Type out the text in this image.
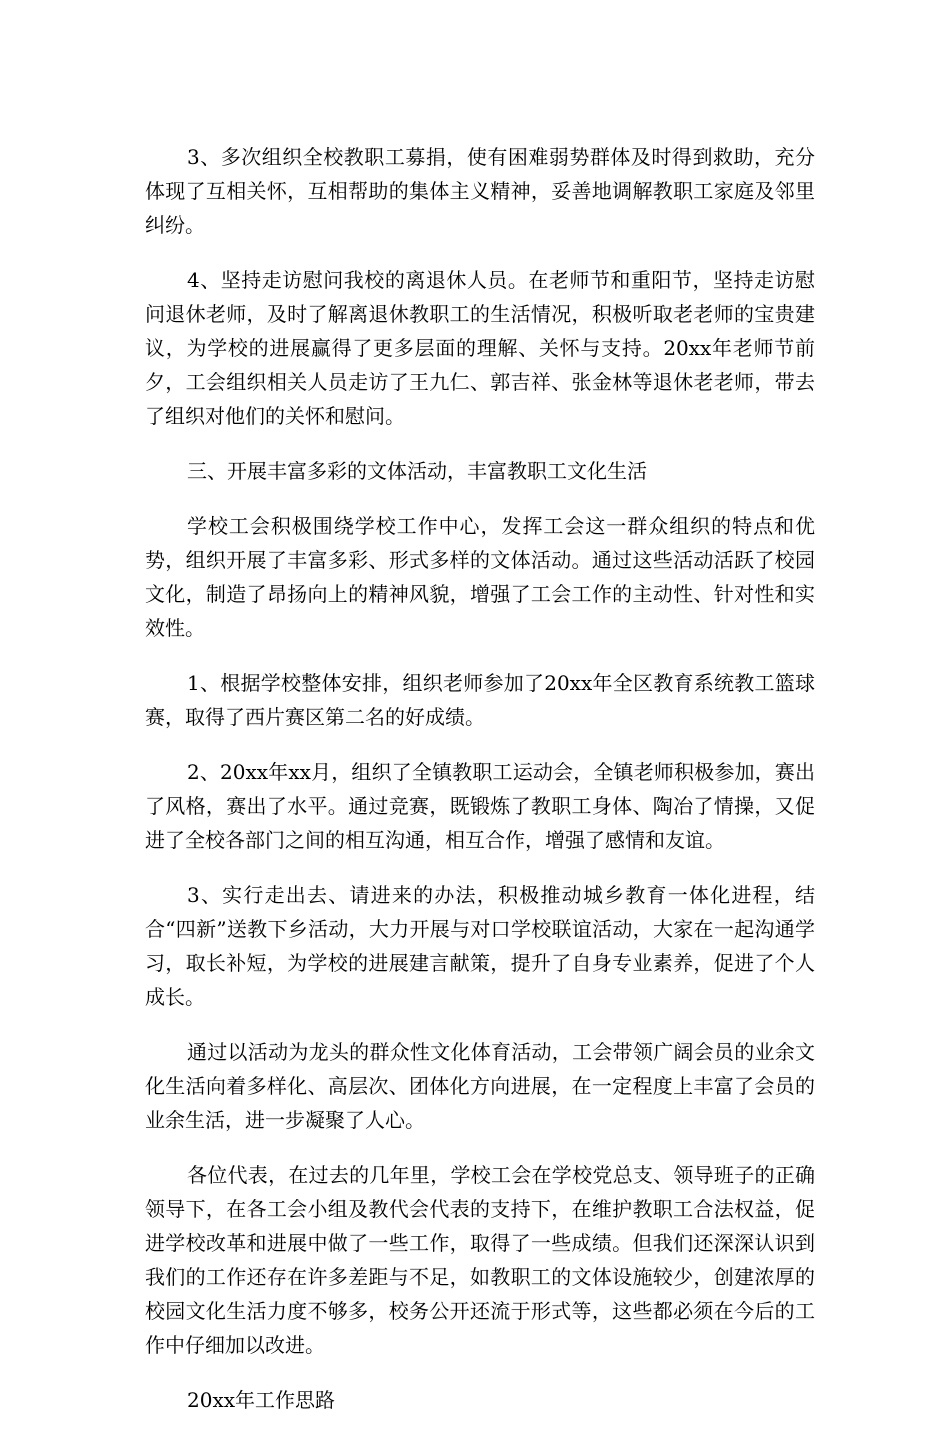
3、多次组织全校教职工募捐，使有困难弱势群体及时得到救助，充分体现了互相关怀，互相帮助的集体主义精神，妥善地调解教职工家庭及邻里纠纷。

4、坚持走访慰问我校的离退休人员。在老师节和重阳节，坚持走访慰问退休老师，及时了解离退休教职工的生活情况，积极听取老老师的宝贵建议，为学校的进展赢得了更多层面的理解、关怀与支持。20xx年老师节前夕，工会组织相关人员走访了王九仁、郭吉祥、张金林等退休老老师，带去了组织对他们的关怀和慰问。

三、开展丰富多彩的文体活动，丰富教职工文化生活

学校工会积极围绕学校工作中心，发挥工会这一群众组织的特点和优势，组织开展了丰富多彩、形式多样的文体活动。通过这些活动活跃了校园文化，制造了昂扬向上的精神风貌，增强了工会工作的主动性、针对性和实效性。

1、根据学校整体安排，组织老师参加了20xx年全区教育系统教工篮球赛，取得了西片赛区第二名的好成绩。

2、20xx年xx月，组织了全镇教职工运动会，全镇老师积极参加，赛出了风格，赛出了水平。通过竞赛，既锻炼了教职工身体、陶冶了情操，又促进了全校各部门之间的相互沟通，相互合作，增强了感情和友谊。

3、实行走出去、请进来的办法，积极推动城乡教育一体化进程，结合“四新”送教下乡活动，大力开展与对口学校联谊活动，大家在一起沟通学习，取长补短，为学校的进展建言献策，提升了自身专业素养，促进了个人成长。

通过以活动为龙头的群众性文化体育活动，工会带领广阔会员的业余文化生活向着多样化、高层次、团体化方向进展，在一定程度上丰富了会员的业余生活，进一步凝聚了人心。

各位代表，在过去的几年里，学校工会在学校党总支、领导班子的正确领导下，在各工会小组及教代会代表的支持下，在维护教职工合法权益，促进学校改革和进展中做了一些工作，取得了一些成绩。但我们还深深认识到我们的工作还存在许多差距与不足，如教职工的文体设施较少，创建浓厚的校园文化生活力度不够多，校务公开还流于形式等，这些都必须在今后的工作中仔细加以改进。

20xx年工作思路
